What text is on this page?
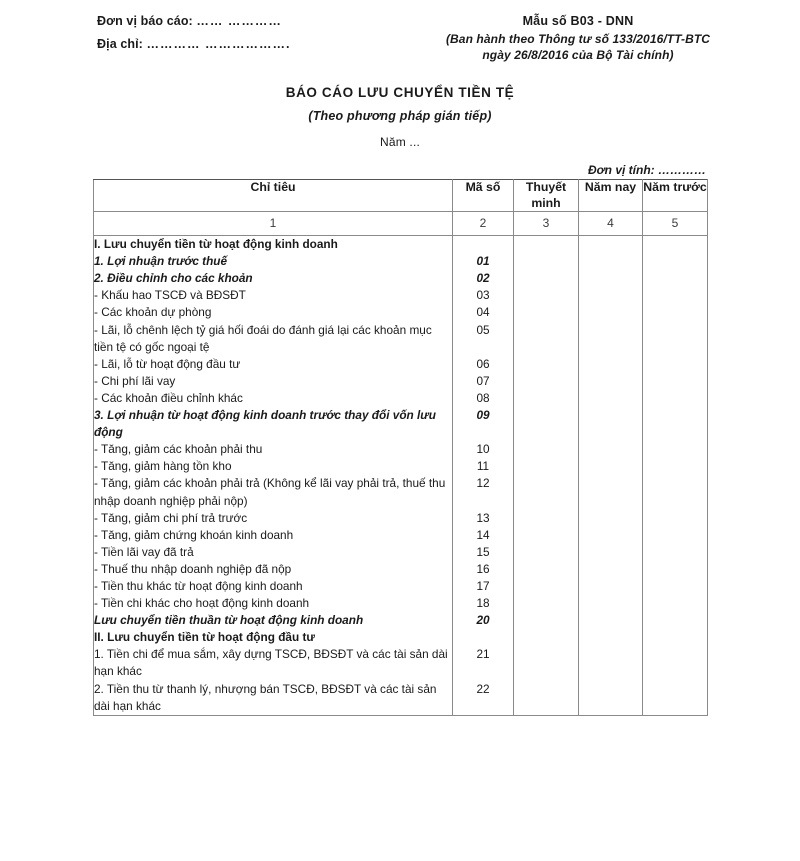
Đơn vị báo cáo: …… …………
Địa chỉ: ………… ……………….
Mẫu số B03 - DNN
(Ban hành theo Thông tư số 133/2016/TT-BTC
ngày 26/8/2016 của Bộ Tài chính)
BÁO CÁO LƯU CHUYỂN TIỀN TỆ
(Theo phương pháp gián tiếp)
Năm ...
Đơn vị tính: …………
Chỉ tiêu	Mã số	Thuyết minh	Năm nay	Năm trước
1	2	3	4	5
I. Lưu chuyển tiền từ hoạt động kinh doanh				
1. Lợi nhuận trước thuế	01			
2. Điều chỉnh cho các khoản	02			
- Khấu hao TSCĐ và BĐSĐT	03			
- Các khoản dự phòng	04			
- Lãi, lỗ chênh lệch tỷ giá hối đoái do đánh giá lại các khoản mục tiền tệ có gốc ngoại tệ	05			
- Lãi, lỗ từ hoạt động đầu tư	06			
- Chi phí lãi vay	07			
- Các khoản điều chỉnh khác	08			
3. Lợi nhuận từ hoạt động kinh doanh trước thay đổi vốn lưu động	09			
- Tăng, giảm các khoản phải thu	10			
- Tăng, giảm hàng tồn kho	11			
- Tăng, giảm các khoản phải trả (Không kể lãi vay phải trả, thuế thu nhập doanh nghiệp phải nộp)	12			
- Tăng, giảm chi phí trả trước	13			
- Tăng, giảm chứng khoán kinh doanh	14			
- Tiền lãi vay đã trả	15			
- Thuế thu nhập doanh nghiệp đã nộp	16			
- Tiền thu khác từ hoạt động kinh doanh	17			
- Tiền chi khác cho hoạt động kinh doanh	18			
Lưu chuyển tiền thuần từ hoạt động kinh doanh	20			
II. Lưu chuyển tiền từ hoạt động đầu tư				
1. Tiền chi để mua sắm, xây dựng TSCĐ, BĐSĐT và các tài sản dài hạn khác	21			
2. Tiền thu từ thanh lý, nhượng bán TSCĐ, BĐSĐT và các tài sản dài hạn khác	22			
